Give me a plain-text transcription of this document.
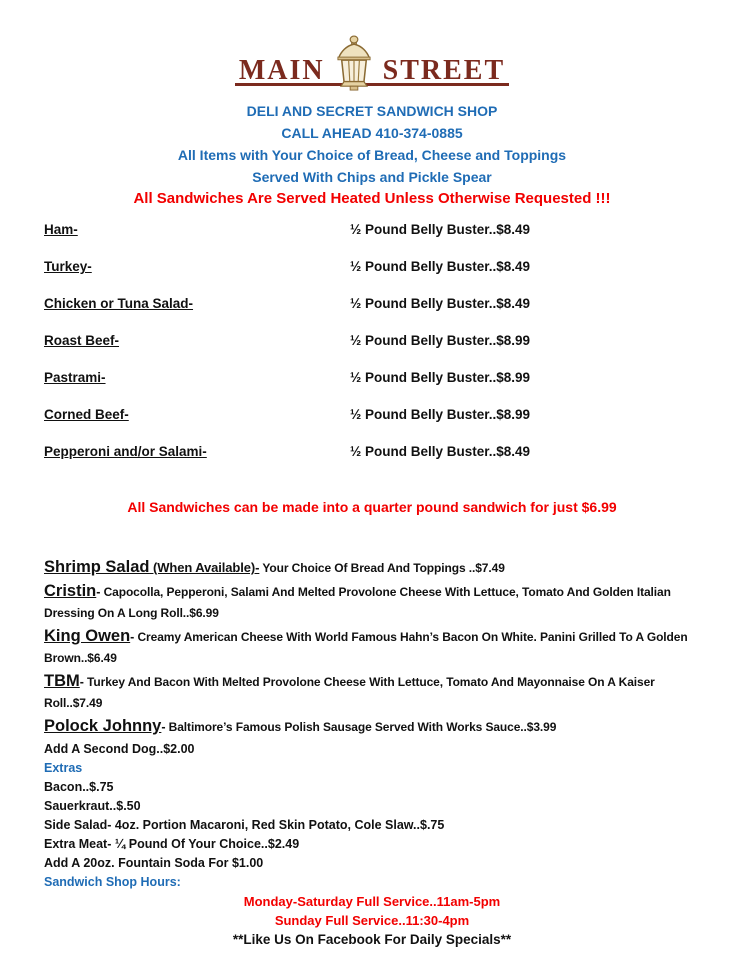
MAIN STREET
DELI AND SECRET SANDWICH SHOP
CALL AHEAD 410-374-0885
All Items with Your Choice of Bread, Cheese and Toppings
Served With Chips and Pickle Spear
All Sandwiches Are Served Heated Unless Otherwise Requested !!!
Ham-	½ Pound Belly Buster..$8.49
Turkey-	½ Pound Belly Buster..$8.49
Chicken or Tuna Salad-	½ Pound Belly Buster..$8.49
Roast Beef-	½ Pound Belly Buster..$8.99
Pastrami-	½ Pound Belly Buster..$8.99
Corned Beef-	½ Pound Belly Buster..$8.99
Pepperoni and/or Salami-	½ Pound Belly Buster..$8.49
All Sandwiches can be made into a quarter pound sandwich for just $6.99

Shrimp Salad (When Available)- Your Choice Of Bread And Toppings ..$7.49

Cristin- Capocolla, Pepperoni, Salami And Melted Provolone Cheese With Lettuce, Tomato And Golden Italian Dressing On A Long Roll..$6.99

King Owen- Creamy American Cheese With World Famous Hahn’s Bacon On White. Panini Grilled To A Golden Brown..$6.49

TBM- Turkey And Bacon With Melted Provolone Cheese With Lettuce, Tomato And Mayonnaise On A Kaiser Roll..$7.49

Polock Johnny- Baltimore’s Famous Polish Sausage Served With Works Sauce..$3.99

Add A Second Dog..$2.00
Extras
Bacon..$.75
Sauerkraut..$.50
Side Salad- 4oz. Portion Macaroni, Red Skin Potato, Cole Slaw..$.75
Extra Meat- ¼ Pound Of Your Choice..$2.49
Add A 20oz. Fountain Soda For $1.00
Sandwich Shop Hours:
Monday-Saturday Full Service..11am-5pm
Sunday Full Service..11:30-4pm
**Like Us On Facebook For Daily Specials**
